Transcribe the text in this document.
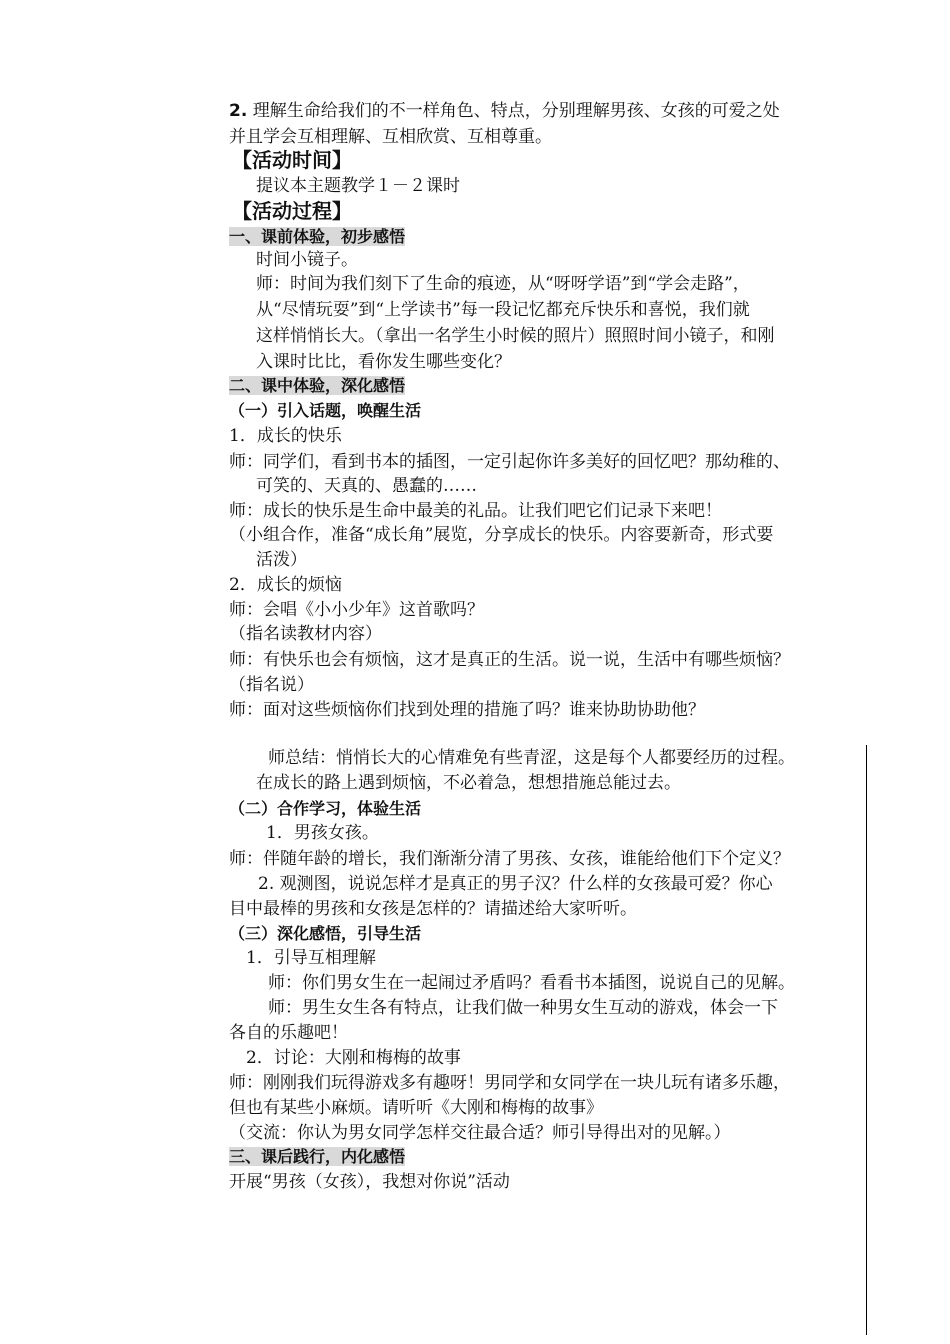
2. 理解生命给我们的不一样角色、特点，分别理解男孩、女孩的可爱之处
并且学会互相理解、互相欣赏、互相尊重。
【活动时间】
提议本主题教学１－２课时
【活动过程】
一、课前体验，初步感悟
时间小镜子。
师：时间为我们刻下了生命的痕迹，从“呀呀学语”到“学会走路”，
从“尽情玩耍”到“上学读书”每一段记忆都充斥快乐和喜悦，我们就
这样悄悄长大。（拿出一名学生小时候的照片）照照时间小镜子，和刚
入课时比比，看你发生哪些变化？
二、课中体验，深化感悟
（一）引入话题，唤醒生活
1．成长的快乐
师：同学们，看到书本的插图，一定引起你许多美好的回忆吧？那幼稚的、
可笑的、天真的、愚蠢的……
师：成长的快乐是生命中最美的礼品。让我们吧它们记录下来吧！
（小组合作，准备“成长角”展览，分享成长的快乐。内容要新奇，形式要
活泼）
2．成长的烦恼
师：会唱《小小少年》这首歌吗？
（指名读教材内容）
师：有快乐也会有烦恼，这才是真正的生活。说一说，生活中有哪些烦恼？
（指名说）
师：面对这些烦恼你们找到处理的措施了吗？谁来协助协助他？
师总结：悄悄长大的心情难免有些青涩，这是每个人都要经历的过程。
在成长的路上遇到烦恼，不必着急，想想措施总能过去。
（二）合作学习，体验生活
1．男孩女孩。
师：伴随年龄的增长，我们渐渐分清了男孩、女孩，谁能给他们下个定义？
2. 观测图，说说怎样才是真正的男子汉？什么样的女孩最可爱？你心
目中最棒的男孩和女孩是怎样的？请描述给大家听听。
（三）深化感悟，引导生活
1．引导互相理解
师：你们男女生在一起闹过矛盾吗？看看书本插图，说说自己的见解。
师：男生女生各有特点，让我们做一种男女生互动的游戏，体会一下
各自的乐趣吧！
2．讨论：大刚和梅梅的故事
师：刚刚我们玩得游戏多有趣呀！男同学和女同学在一块儿玩有诸多乐趣，
但也有某些小麻烦。请听听《大刚和梅梅的故事》
（交流：你认为男女同学怎样交往最合适？师引导得出对的见解。）
三、课后践行，内化感悟
开展“男孩（女孩），我想对你说”活动
